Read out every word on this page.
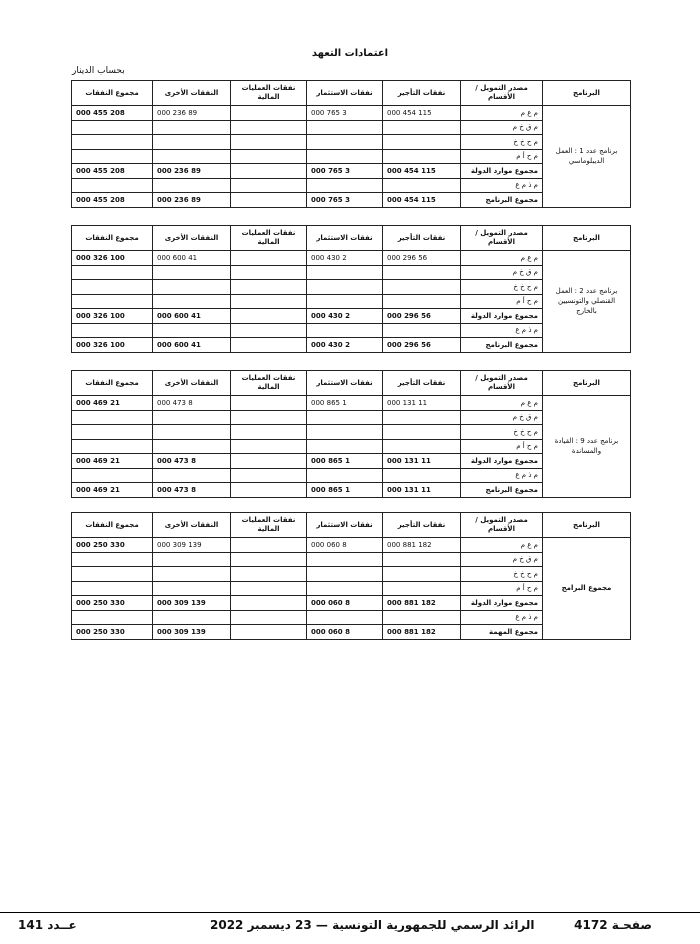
اعتمادات التعهد
بحساب الدينار
البرنامج	مصدر التمويل / الأقسام	نفقات التأجير	نفقات الاستثمار	نفقات العمليات المالية	النفقات الأخرى	مجموع النفقات
برنامج عدد 1 : العمل الديبلوماسي	م ع م	115 454 000	3 765 000		89 236 000	208 455 000
	م ق خ م					
	م ح خ خ					
	م ح أ م					
	مجموع موارد الدولة	115 454 000	3 765 000		89 236 000	208 455 000
	م ذ م ع					
	مجموع البرنامج	115 454 000	3 765 000		89 236 000	208 455 000
البرنامج	مصدر التمويل / الأقسام	نفقات التأجير	نفقات الاستثمار	نفقات العمليات المالية	النفقات الأخرى	مجموع النفقات
برنامج عدد 2 : العمل القنصلي والتونسيين بالخارج	م ع م	56 296 000	2 430 000		41 600 000	100 326 000
	م ق خ م					
	م ح خ خ					
	م ح أ م					
	مجموع موارد الدولة	56 296 000	2 430 000		41 600 000	100 326 000
	م ذ م ع					
	مجموع البرنامج	56 296 000	2 430 000		41 600 000	100 326 000
البرنامج	مصدر التمويل / الأقسام	نفقات التأجير	نفقات الاستثمار	نفقات العمليات المالية	النفقات الأخرى	مجموع النفقات
برنامج عدد 9 : القيادة والمساندة	م ع م	11 131 000	1 865 000		8 473 000	21 469 000
	م ق خ م					
	م ح خ خ					
	م ح أ م					
	مجموع موارد الدولة	11 131 000	1 865 000		8 473 000	21 469 000
	م ذ م ع					
	مجموع البرنامج	11 131 000	1 865 000		8 473 000	21 469 000
البرنامج	مصدر التمويل / الأقسام	نفقات التأجير	نفقات الاستثمار	نفقات العمليات المالية	النفقات الأخرى	مجموع النفقات
مجموع البرامج	م ع م	182 881 000	8 060 000		139 309 000	330 250 000
	م ق خ م					
	م ح خ خ					
	م ح أ م					
	مجموع موارد الدولة	182 881 000	8 060 000		139 309 000	330 250 000
	م ذ م ع					
	مجموع المهمة	182 881 000	8 060 000		139 309 000	330 250 000
صفحـة 4172
الرائد الرسمي للجمهورية التونسية — 23 ديسمبر 2022
عــدد 141
